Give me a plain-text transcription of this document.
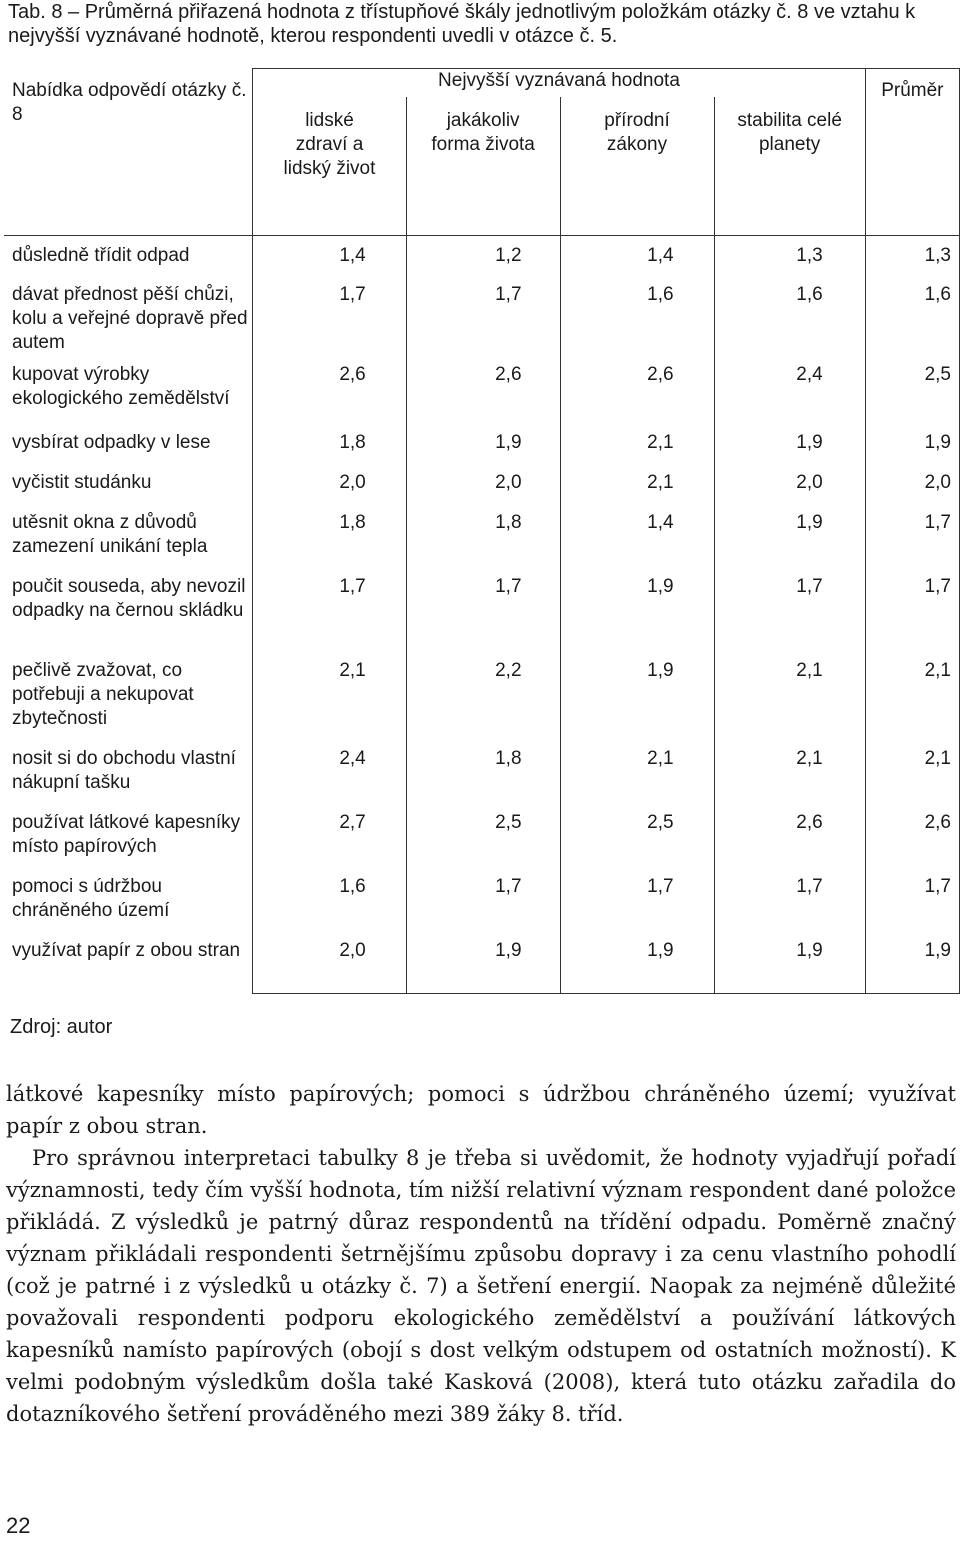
Tab. 8 – Průměrná přiřazená hodnota z třístupňové škály jednotlivým položkám otázky č. 8 ve vztahu k nejvyšší vyznávané hodnotě, kterou respondenti uvedli v otázce č. 5.
Nabídka odpovědí otázky č. 8	Nejvyšší vyznávaná hodnota				Průměr
	lidské zdraví a lidský život	jakákoliv forma života	přírodní zákony	stabilita celé planety	
důsledně třídit odpad	1,4	1,2	1,4	1,3	1,3
dávat přednost pěší chůzi, kolu a veřejné dopravě před autem	1,7	1,7	1,6	1,6	1,6
kupovat výrobky ekologického zemědělství	2,6	2,6	2,6	2,4	2,5
vysbírat odpadky v lese	1,8	1,9	2,1	1,9	1,9
vyčistit studánku	2,0	2,0	2,1	2,0	2,0
utěsnit okna z důvodů zamezení unikání tepla	1,8	1,8	1,4	1,9	1,7
poučit souseda, aby nevozil odpadky na černou skládku	1,7	1,7	1,9	1,7	1,7
pečlivě zvažovat, co potřebuji a nekupovat zbytečnosti	2,1	2,2	1,9	2,1	2,1
nosit si do obchodu vlastní nákupní tašku	2,4	1,8	2,1	2,1	2,1
používat látkové kapesníky místo papírových	2,7	2,5	2,5	2,6	2,6
pomoci s údržbou chráněného území	1,6	1,7	1,7	1,7	1,7
využívat papír z obou stran	2,0	1,9	1,9	1,9	1,9
Zdroj: autor

látkové kapesníky místo papírových; pomoci s údržbou chráněného území; využívat papír z obou stran.

Pro správnou interpretaci tabulky 8 je třeba si uvědomit, že hodnoty vyjadřují pořadí významnosti, tedy čím vyšší hodnota, tím nižší relativní význam respondent dané položce přikládá. Z výsledků je patrný důraz respondentů na třídění odpadu. Poměrně značný význam přikládali respondenti šetrnějšímu způsobu dopravy i za cenu vlastního pohodlí (což je patrné i z výsledků u otázky č. 7) a šetření energií. Naopak za nejméně důležité považovali respondenti podporu ekologického zemědělství a používání látkových kapesníků namísto papírových (obojí s dost velkým odstupem od ostatních možností). K velmi podobným výsledkům došla také Kasková (2008), která tuto otázku zařadila do dotazníkového šetření prováděného mezi 389 žáky 8. tříd.

22
